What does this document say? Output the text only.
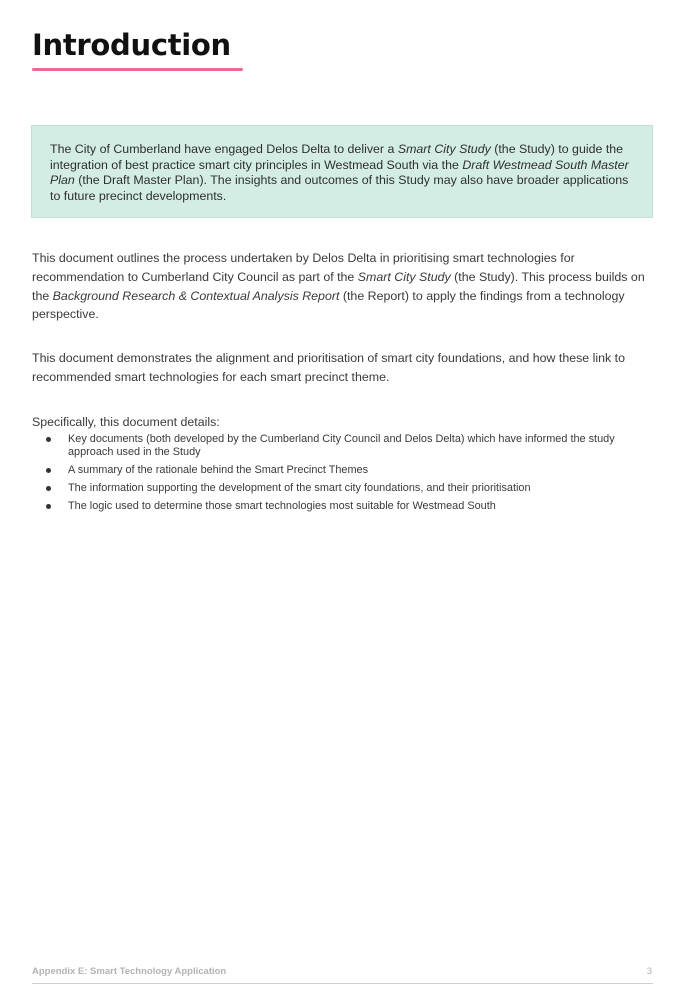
Introduction

The City of Cumberland have engaged Delos Delta to deliver a Smart City Study (the Study) to guide the integration of best practice smart city principles in Westmead South via the Draft Westmead South Master Plan (the Draft Master Plan). The insights and outcomes of this Study may also have broader applications to future precinct developments.

This document outlines the process undertaken by Delos Delta in prioritising smart technologies for recommendation to Cumberland City Council as part of the Smart City Study (the Study). This process builds on the Background Research & Contextual Analysis Report (the Report) to apply the findings from a technology perspective.

This document demonstrates the alignment and prioritisation of smart city foundations, and how these link to recommended smart technologies for each smart precinct theme.

Specifically, this document details:

Key documents (both developed by the Cumberland City Council and Delos Delta) which have informed the study approach used in the Study
A summary of the rationale behind the Smart Precinct Themes
The information supporting the development of the smart city foundations, and their prioritisation
The logic used to determine those smart technologies most suitable for Westmead South
Appendix E: Smart Technology Application	3
